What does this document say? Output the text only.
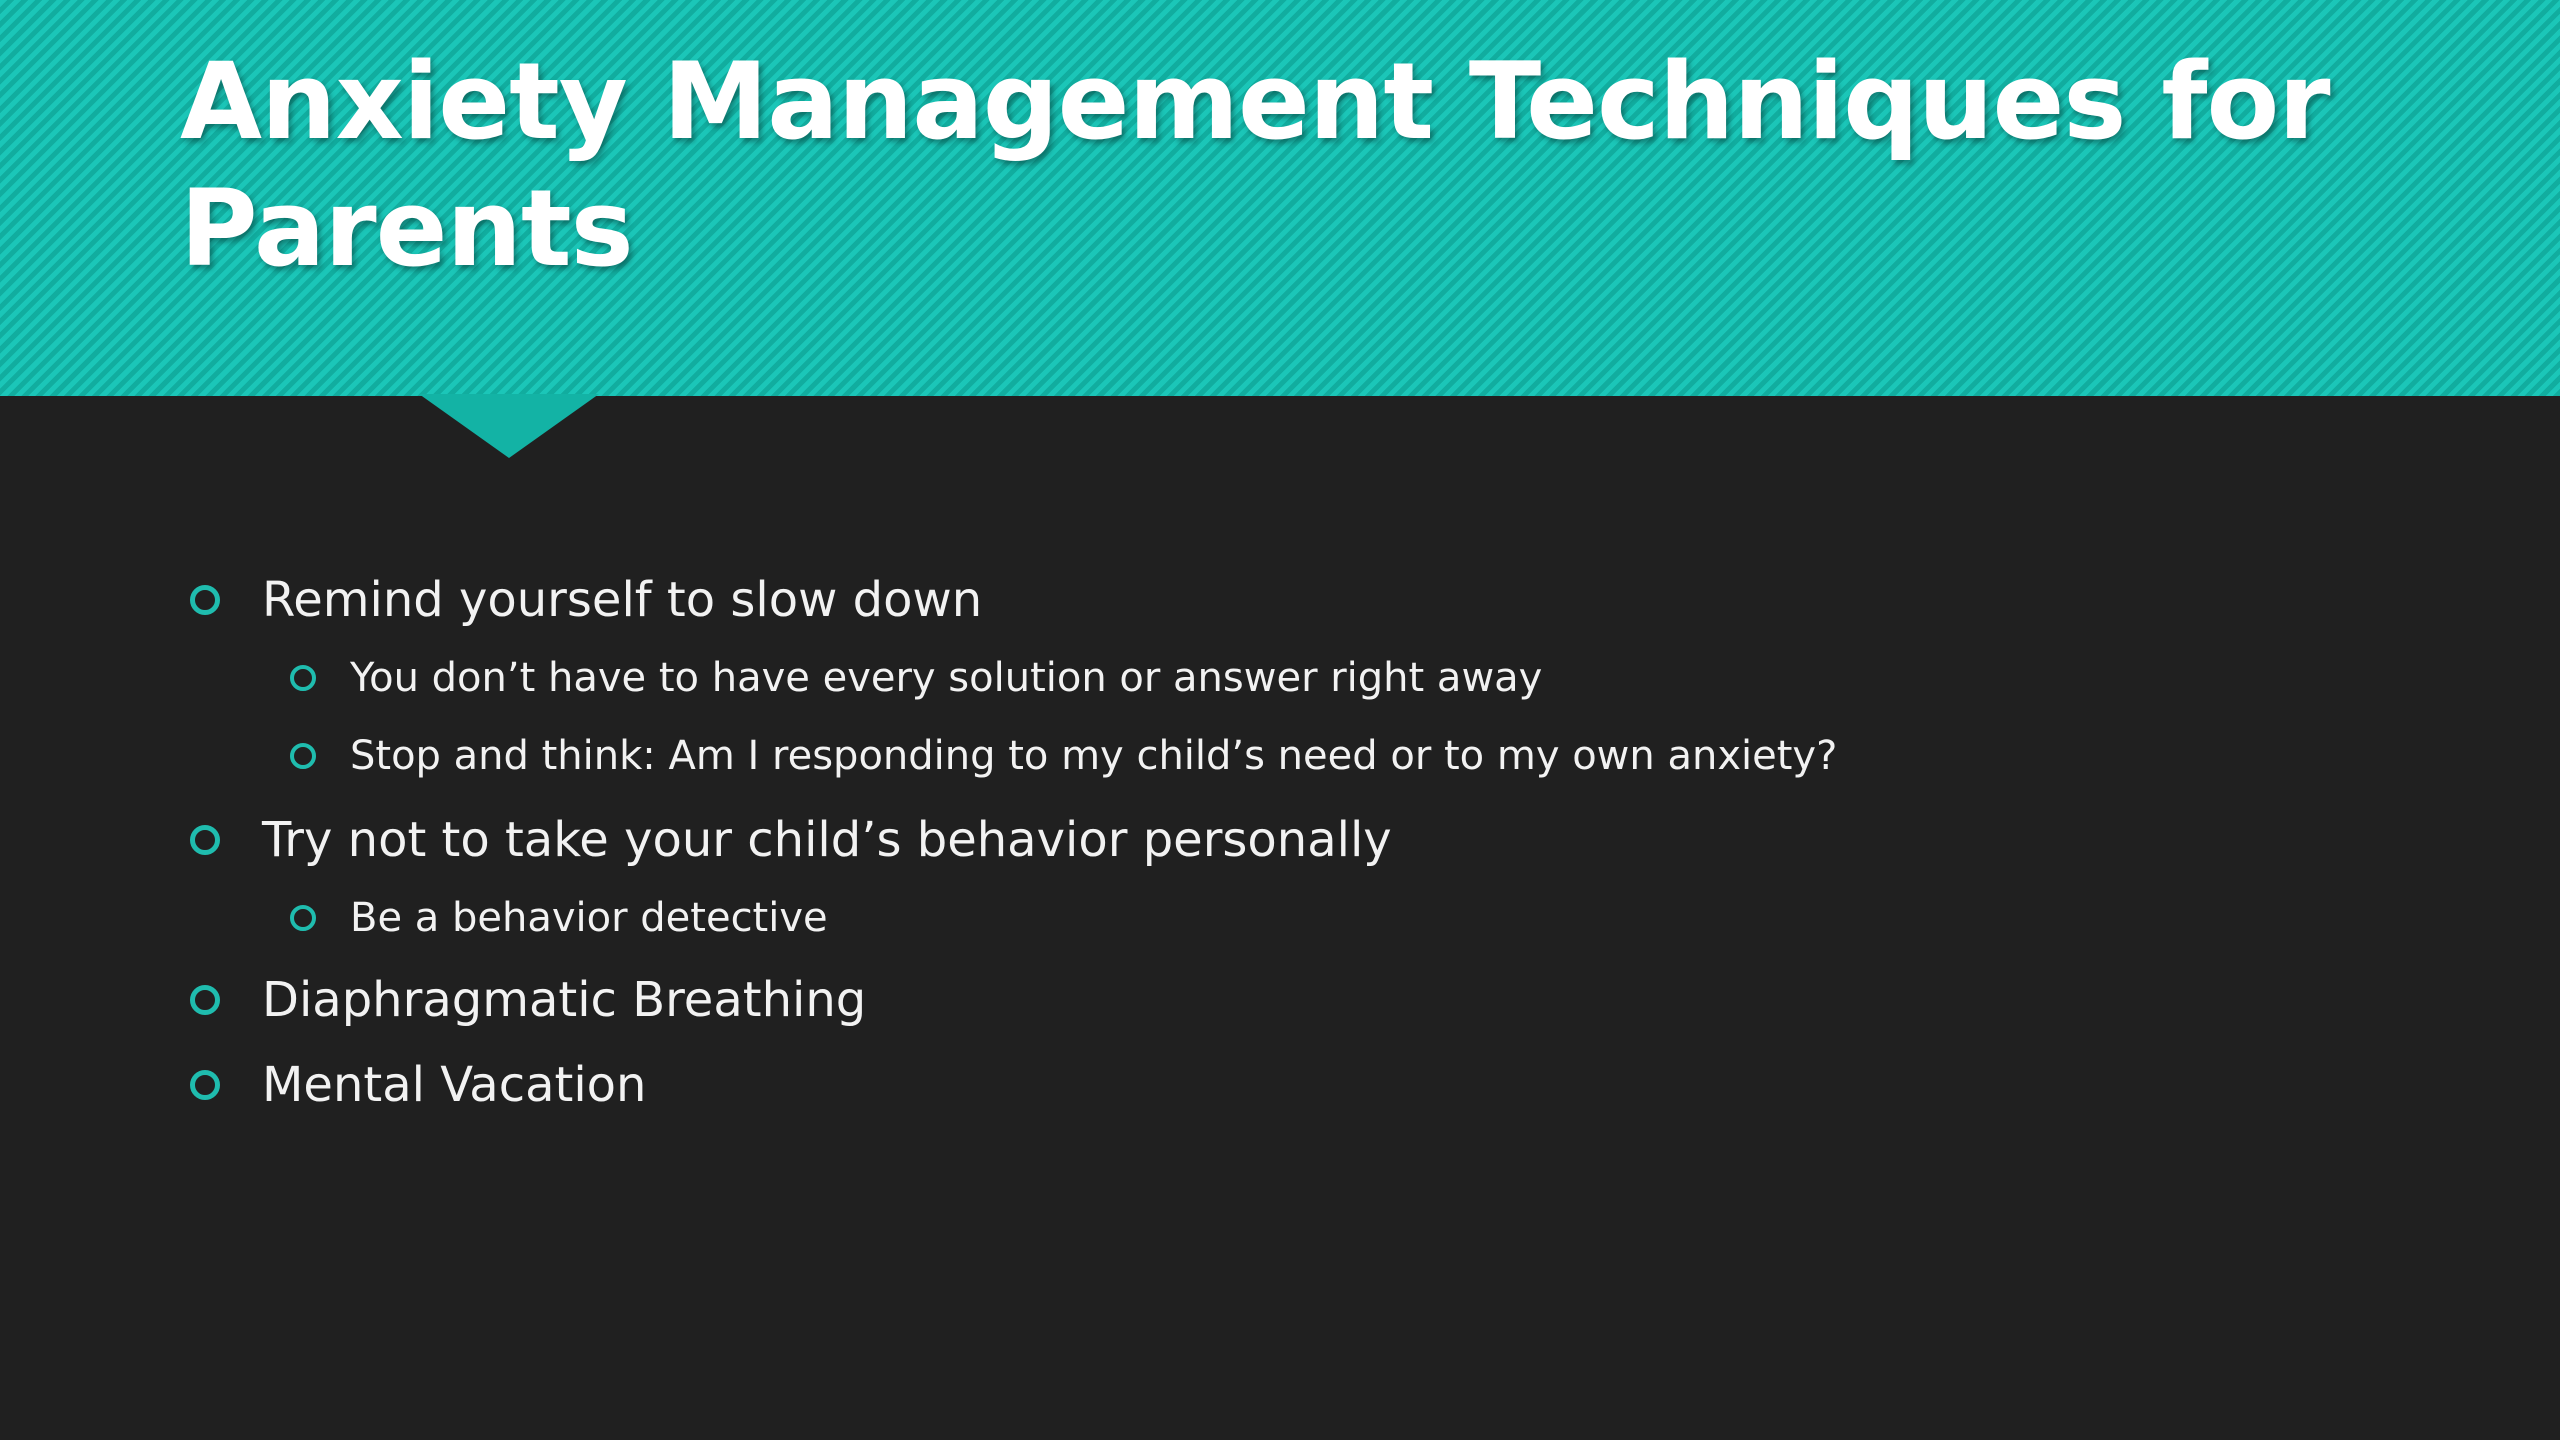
Anxiety Management Techniques for Parents
Remind yourself to slow down
You don’t have to have every solution or answer right away
Stop and think: Am I responding to my child’s need or to my own anxiety?
Try not to take your child’s behavior personally
Be a behavior detective
Diaphragmatic Breathing
Mental Vacation
